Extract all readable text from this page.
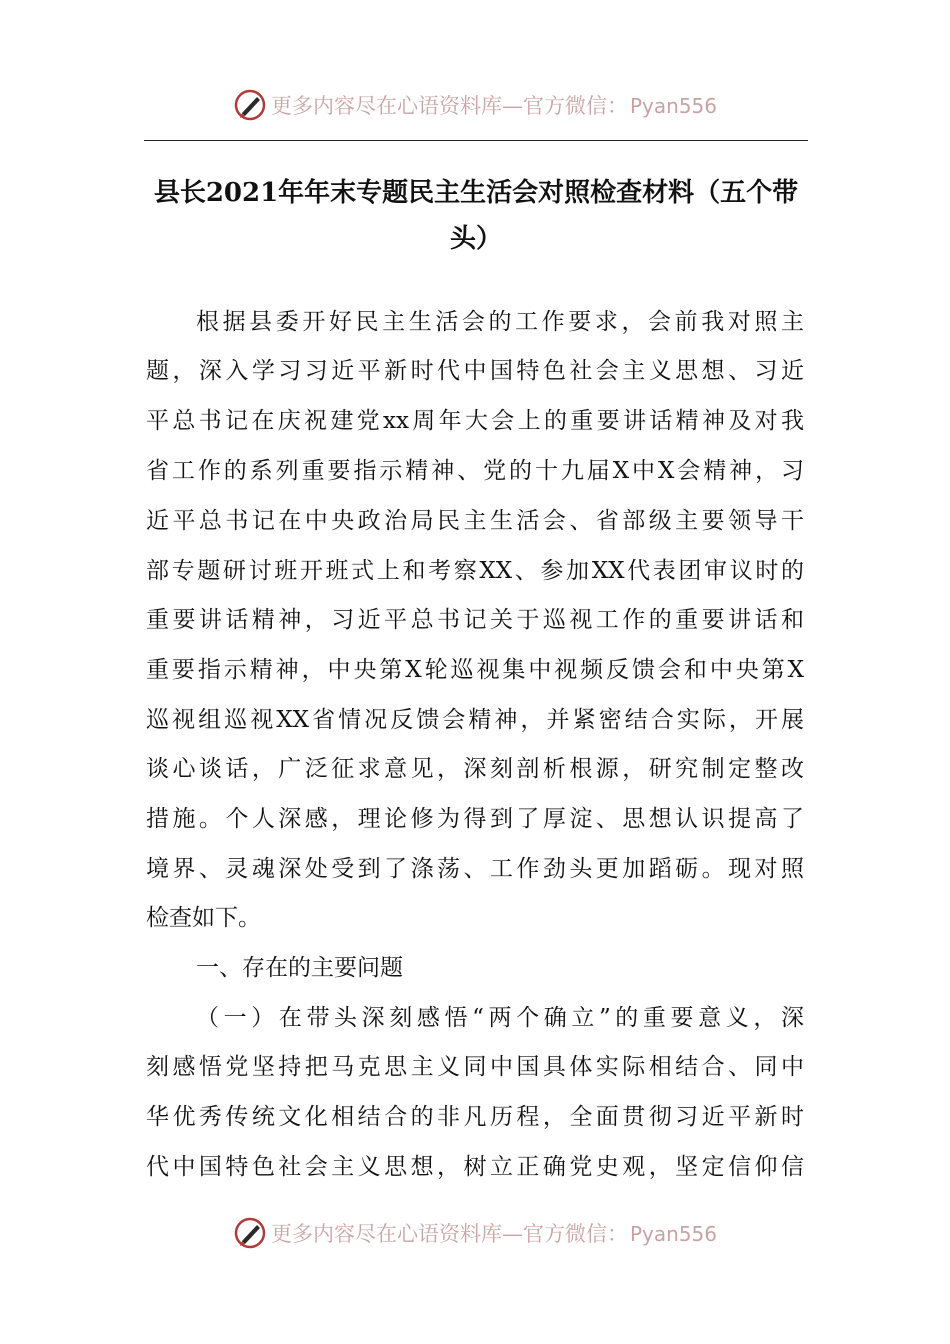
更多内容尽在心语资料库—官方微信： Pyan556
县长2021年年末专题民主生活会对照检查材料（五个带头）
根据县委开好民主生活会的工作要求，会前我对照主
题，深入学习习近平新时代中国特色社会主义思想、习近
平总书记在庆祝建党xx周年大会上的重要讲话精神及对我
省工作的系列重要指示精神、党的十九届X中X会精神，习
近平总书记在中央政治局民主生活会、省部级主要领导干
部专题研讨班开班式上和考察XX、参加XX代表团审议时的
重要讲话精神，习近平总书记关于巡视工作的重要讲话和
重要指示精神，中央第X轮巡视集中视频反馈会和中央第X
巡视组巡视XX省情况反馈会精神，并紧密结合实际，开展
谈心谈话，广泛征求意见，深刻剖析根源，研究制定整改
措施。个人深感，理论修为得到了厚淀、思想认识提高了
境界、灵魂深处受到了涤荡、工作劲头更加蹈砺。现对照
检查如下。
一、存在的主要问题
（一）在带头深刻感悟“两个确立”的重要意义，深
刻感悟党坚持把马克思主义同中国具体实际相结合、同中
华优秀传统文化相结合的非凡历程，全面贯彻习近平新时
代中国特色社会主义思想，树立正确党史观，坚定信仰信
更多内容尽在心语资料库—官方微信： Pyan556
